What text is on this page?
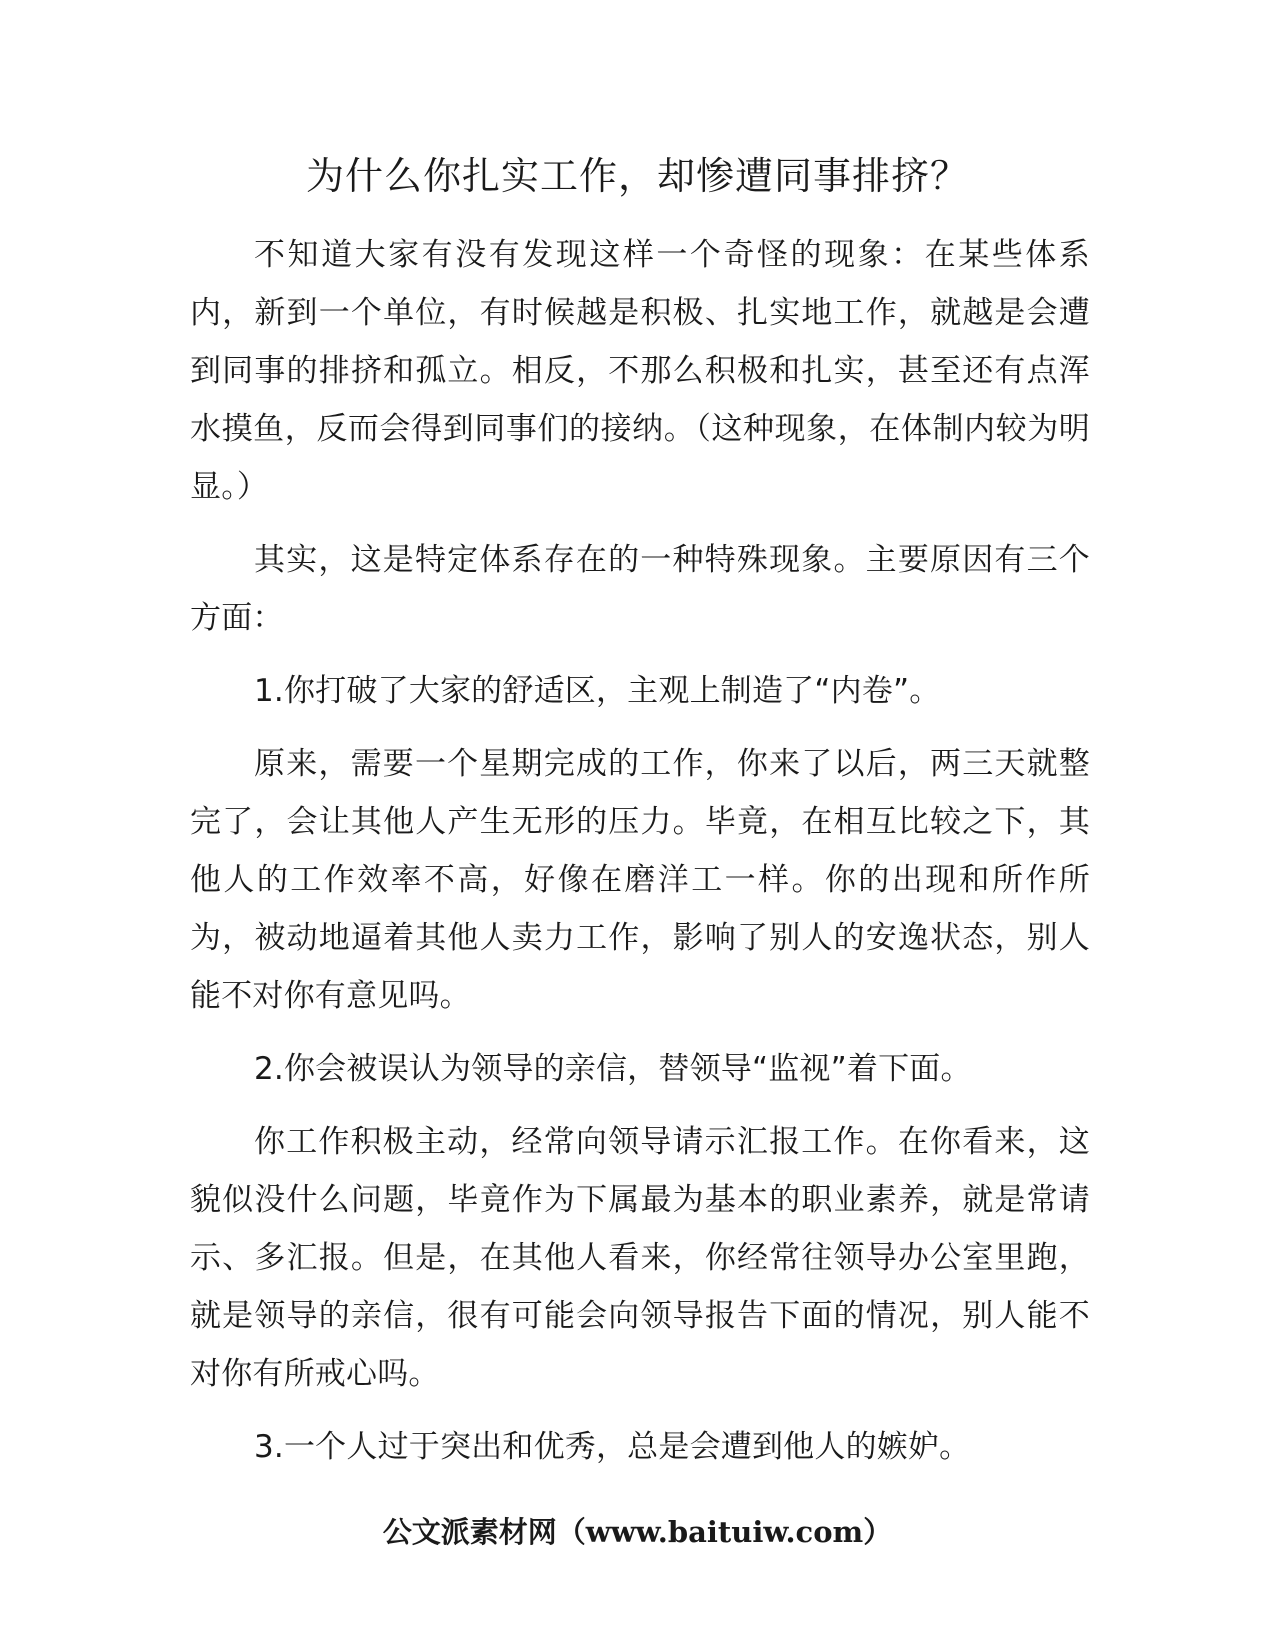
为什么你扎实工作，却惨遭同事排挤？

不知道大家有没有发现这样一个奇怪的现象：在某些体系内，新到一个单位，有时候越是积极、扎实地工作，就越是会遭到同事的排挤和孤立。相反，不那么积极和扎实，甚至还有点浑水摸鱼，反而会得到同事们的接纳。（这种现象，在体制内较为明显。）

其实，这是特定体系存在的一种特殊现象。主要原因有三个方面：

1.你打破了大家的舒适区，主观上制造了“内卷”。

原来，需要一个星期完成的工作，你来了以后，两三天就整完了，会让其他人产生无形的压力。毕竟，在相互比较之下，其他人的工作效率不高，好像在磨洋工一样。你的出现和所作所为，被动地逼着其他人卖力工作，影响了别人的安逸状态，别人能不对你有意见吗。

2.你会被误认为领导的亲信，替领导“监视”着下面。

你工作积极主动，经常向领导请示汇报工作。在你看来，这貌似没什么问题，毕竟作为下属最为基本的职业素养，就是常请示、多汇报。但是，在其他人看来，你经常往领导办公室里跑，就是领导的亲信，很有可能会向领导报告下面的情况，别人能不对你有所戒心吗。

3.一个人过于突出和优秀，总是会遭到他人的嫉妒。

公文派素材网（www.baituiw.com）
